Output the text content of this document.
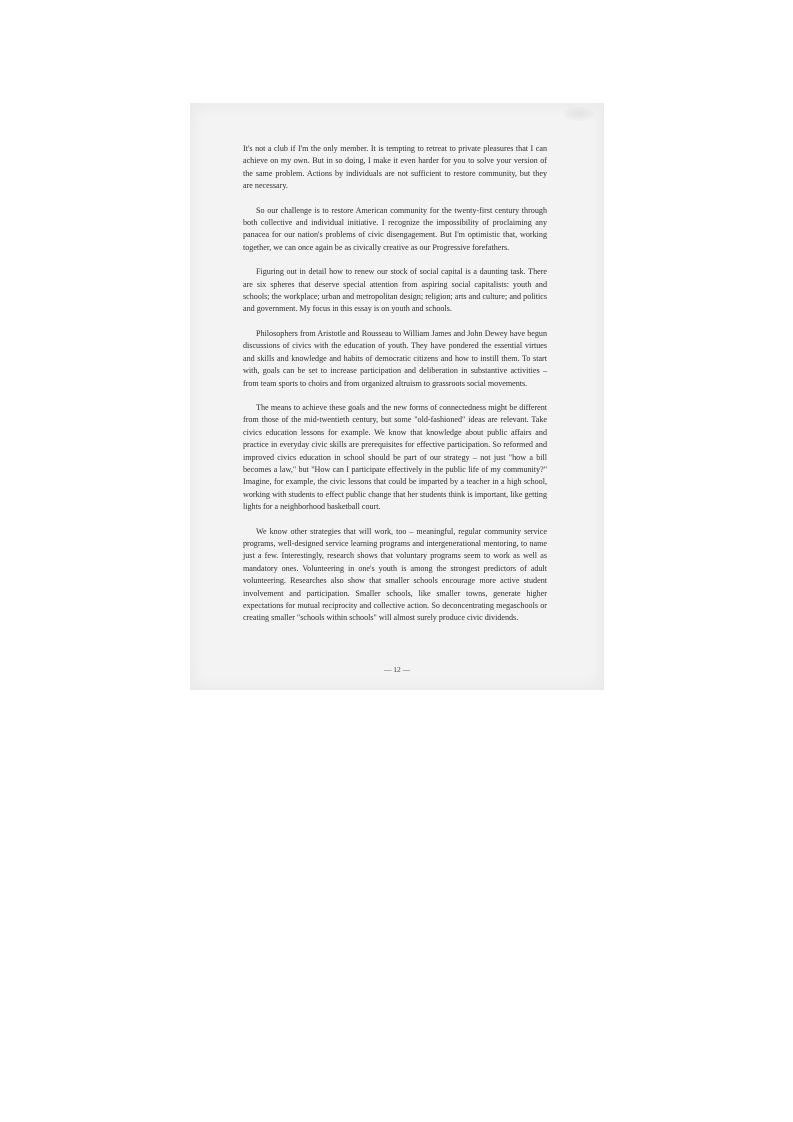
It's not a club if I'm the only member. It is tempting to retreat to private pleasures that I can achieve on my own. But in so doing, I make it even harder for you to solve your version of the same problem. Actions by individuals are not sufficient to restore community, but they are necessary.

So our challenge is to restore American community for the twenty-first century through both collective and individual initiative. I recognize the impossibility of proclaiming any panacea for our nation's problems of civic disengagement. But I'm optimistic that, working together, we can once again be as civically creative as our Progressive forefathers.

Figuring out in detail how to renew our stock of social capital is a daunting task. There are six spheres that deserve special attention from aspiring social capitalists: youth and schools; the workplace; urban and metropolitan design; religion; arts and culture; and politics and government. My focus in this essay is on youth and schools.

Philosophers from Aristotle and Rousseau to William James and John Dewey have begun discussions of civics with the education of youth. They have pondered the essential virtues and skills and knowledge and habits of democratic citizens and how to instill them. To start with, goals can be set to increase participation and deliberation in substantive activities – from team sports to choirs and from organized altruism to grassroots social movements.

The means to achieve these goals and the new forms of connectedness might be different from those of the mid-twentieth century, but some "old-fashioned" ideas are relevant. Take civics education lessons for example. We know that knowledge about public affairs and practice in everyday civic skills are prerequisites for effective participation. So reformed and improved civics education in school should be part of our strategy – not just "how a bill becomes a law," but "How can I participate effectively in the public life of my community?" Imagine, for example, the civic lessons that could be imparted by a teacher in a high school, working with students to effect public change that her students think is important, like getting lights for a neighborhood basketball court.

We know other strategies that will work, too – meaningful, regular community service programs, well-designed service learning programs and intergenerational mentoring, to name just a few. Interestingly, research shows that voluntary programs seem to work as well as mandatory ones. Volunteering in one's youth is among the strongest predictors of adult volunteering. Researches also show that smaller schools encourage more active student involvement and participation. Smaller schools, like smaller towns, generate higher expectations for mutual reciprocity and collective action. So deconcentrating megaschools or creating smaller "schools within schools" will almost surely produce civic dividends.

— 12 —
